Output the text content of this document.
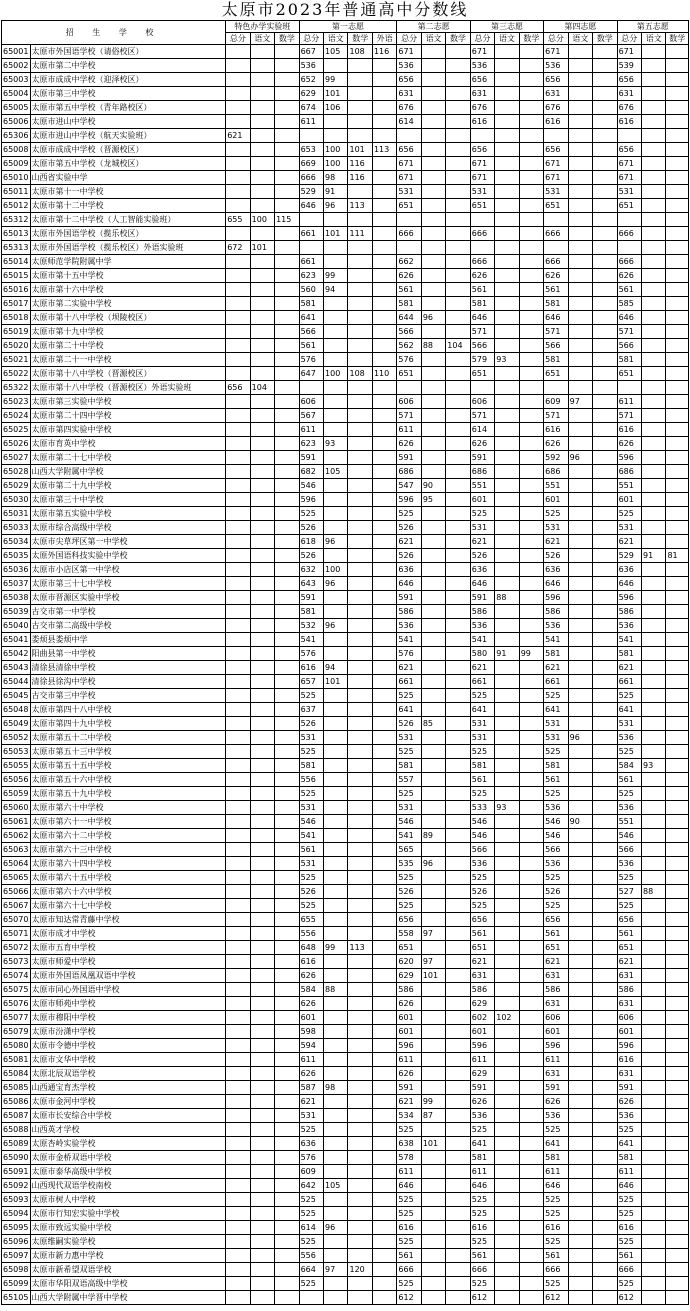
太原市2023年普通高中分数线
招 生 学 校		特色办学实验班			第一志愿				第二志愿			第三志愿			第四志愿			第五志愿		
		总分	语文	数学	总分	语文	数学	外语	总分	语文	数学	总分	语文	数学	总分	语文	数学	总分	语文	数学
65001	太原市外国语学校（请俗校区）				667	105	108	116	671			671			671			671		
65002	太原市第二中学校				536				536			536			536			539		
65003	太原市成成中学校（迎泽校区）				652	99			656			656			656			656		
65004	太原市第三中学校				629	101			631			631			631			631		
65005	太原市第五中学校（青年路校区）				674	106			676			676			676			676		
65006	太原市进山中学校				611				614			616			616			616		
65306	太原市进山中学校（航天实验班）	621																		
65008	太原市成成中学校（晋源校区）				653	100	101	113	656			656			656			656		
65009	太原市第五中学校（龙城校区）				669	100	116		671			671			671			671		
65010	山西省实验中学				666	98	116		671			671			671			671		
65011	太原市第十一中学校				529	91			531			531			531			531		
65012	太原市第十二中学校				646	96	113		651			651			651			651		
65312	太原市第十二中学校（人工智能实验班）	655	100	115																
65013	太原市外国语学校（揽乐校区）				661	101	111		666			666			666			666		
65313	太原市外国语学校（揽乐校区）外语实验班	672	101																	
65014	太原师范学院附属中学				661				662			666			666			666		
65015	太原市第十五中学校				623	99			626			626			626			626		
65016	太原市第十六中学校				560	94			561			561			561			561		
65017	太原市第二实验中学校				581				581			581			581			585		
65018	太原市第十八中学校（坝陵校区）				641				644	96		646			646			646		
65019	太原市第十九中学校				566				566			571			571			571		
65020	太原市第二十中学校				561				562	88	104	566			566			566		
65021	太原市第二十一中学校				576				576			579	93		581			581		
65022	太原市第十八中学校（晋源校区）				647	100	108	110	651			651			651			651		
65322	太原市第十八中学校（晋源校区）外语实验班	656	104																	
65023	太原市第三实验中学校				606				606			606			609	97		611		
65024	太原市第二十四中学校				567				571			571			571			571		
65025	太原市第四实验中学校				611				611			614			616			616		
65026	太原市育英中学校				623	93			626			626			626			626		
65027	太原市第二十七中学校				591				591			591			592	96		596		
65028	山西大学附属中学校				682	105			686			686			686			686		
65029	太原市第二十九中学校				546				547	90		551			551			551		
65030	太原市第三十中学校				596				596	95		601			601			601		
65031	太原市第五实验中学校				525				525			525			525			525		
65033	太原市综合高级中学校				526				526			531			531			531		
65034	太原市尖草坪区第一中学校				618	96			621			621			621			621		
65035	太原外国语科技实验中学校				526				526			526			526			529	91	81
65036	太原市小店区第一中学校				632	100			636			636			636			636		
65037	太原市第三十七中学校				643	96			646			646			646			646		
65038	太原市晋源区实验中学校				591				591			591	88		596			596		
65039	古交市第一中学校				581				586			586			586			586		
65040	古交市第二高级中学校				532	96			536			536			536			536		
65041	娄烦县娄烦中学				541				541			541			541			541		
65042	阳曲县第一中学校				576				576			580	91	99	581			581		
65043	清徐县清徐中学校				616	94			621			621			621			621		
65044	清徐县徐沟中学校				657	101			661			661			661			661		
65045	古交市第三中学校				525				525			525			525			525		
65048	太原市第四十八中学校				637				641			641			641			641		
65049	太原市第四十九中学校				526				526	85		531			531			531		
65052	太原市第五十二中学校				531				531			531			531	96		536		
65053	太原市第五十三中学校				525				525			525			525			525		
65055	太原市第五十五中学校				581				581			581			581			584	93	
65056	太原市第五十六中学校				556				557			561			561			561		
65059	太原市第五十九中学校				525				525			525			525			525		
65060	太原市第六十中学校				531				531			533	93		536			536		
65061	太原市第六十一中学校				546				546			546			546	90		551		
65062	太原市第六十二中学校				541				541	89		546			546			546		
65063	太原市第六十三中学校				561				565			566			566			566		
65064	太原市第六十四中学校				531				535	96		536			536			536		
65065	太原市第六十五中学校				525				525			525			525			525		
65066	太原市第六十六中学校				526				526			526			526			527	88	
65067	太原市第六十七中学校				525				525			525			525			525		
65070	太原市知达常青藤中学校				655				656			656			656			656		
65071	太原市成才中学校				556				558	97		561			561			561		
65072	太原市五育中学校				648	99	113		651			651			651			651		
65073	太原市师爱中学校				616				620	97		621			621			621		
65074	太原市外国语凤凰双语中学校				626				629	101		631			631			631		
65075	太原市同心外国语中学校				584	88			586			586			586			586		
65076	太原市师苑中学校				626				626			629			631			631		
65077	太原市穆阳中学校				601				601			602	102		606			606		
65079	太原市汾潇中学校				598				601			601			601			601		
65080	太原市令德中学校				594				596			596			596			596		
65081	太原市文华中学校				611				611			611			611			616		
65084	太原北辰双语学校				626				626			629			631			631		
65085	山西通宝育杰学校				587	98			591			591			591			591		
65086	太原市金河中学校				621				621	99		626			626			626		
65087	太原市长安综合中学校				531				534	87		536			536			536		
65088	山西英才学校				525				525			525			525			525		
65089	太原杏岭实验学校				636				638	101		641			641			641		
65090	太原市金桥双语中学校				576				578			581			581			581		
65091	太原市泰华高级中学校				609				611			611			611			611		
65092	山西现代双语学校南校				642	105			646			646			646			646		
65093	太原市树人中学校				525				525			525			525			525		
65094	太原市行知宏实验中学校				525				525			525			525			525		
65095	太原市致远实验中学校				614	96			616			616			616			616		
65096	太原维嗣实验学校				525				525			525			525			525		
65097	太原市新力惠中学校				556				561			561			561			561		
65098	太原市新希望双语学校				664	97	120		666			666			666			666		
65099	太原市华阳双语高级中学校				525				525			525			525			525		
65105	山西大学附属中学晋中学校								612			612			612			612		
